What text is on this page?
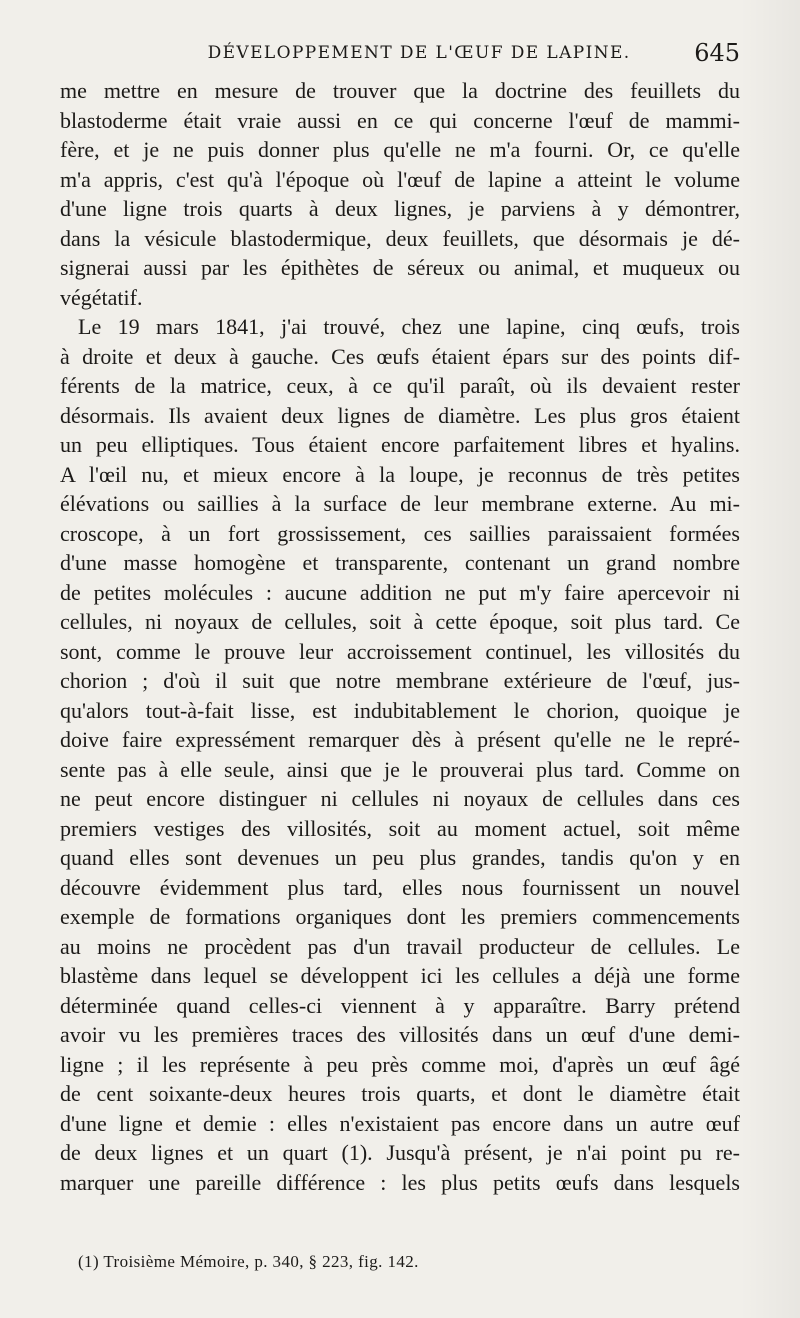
DÉVELOPPEMENT DE L'ŒUF DE LAPINE.	645
me mettre en mesure de trouver que la doctrine des feuillets du
blastoderme était vraie aussi en ce qui concerne l'œuf de mammi-
fère, et je ne puis donner plus qu'elle ne m'a fourni. Or, ce qu'elle
m'a appris, c'est qu'à l'époque où l'œuf de lapine a atteint le volume
d'une ligne trois quarts à deux lignes, je parviens à y démontrer,
dans la vésicule blastodermique, deux feuillets, que désormais je dé-
signerai aussi par les épithètes de séreux ou animal, et muqueux ou
végétatif.
Le 19 mars 1841, j'ai trouvé, chez une lapine, cinq œufs, trois
à droite et deux à gauche. Ces œufs étaient épars sur des points dif-
férents de la matrice, ceux, à ce qu'il paraît, où ils devaient rester
désormais. Ils avaient deux lignes de diamètre. Les plus gros étaient
un peu elliptiques. Tous étaient encore parfaitement libres et hyalins.
A l'œil nu, et mieux encore à la loupe, je reconnus de très petites
élévations ou saillies à la surface de leur membrane externe. Au mi-
croscope, à un fort grossissement, ces saillies paraissaient formées
d'une masse homogène et transparente, contenant un grand nombre
de petites molécules : aucune addition ne put m'y faire apercevoir ni
cellules, ni noyaux de cellules, soit à cette époque, soit plus tard. Ce
sont, comme le prouve leur accroissement continuel, les villosités du
chorion ; d'où il suit que notre membrane extérieure de l'œuf, jus-
qu'alors tout-à-fait lisse, est indubitablement le chorion, quoique je
doive faire expressément remarquer dès à présent qu'elle ne le repré-
sente pas à elle seule, ainsi que je le prouverai plus tard. Comme on
ne peut encore distinguer ni cellules ni noyaux de cellules dans ces
premiers vestiges des villosités, soit au moment actuel, soit même
quand elles sont devenues un peu plus grandes, tandis qu'on y en
découvre évidemment plus tard, elles nous fournissent un nouvel
exemple de formations organiques dont les premiers commencements
au moins ne procèdent pas d'un travail producteur de cellules. Le
blastème dans lequel se développent ici les cellules a déjà une forme
déterminée quand celles-ci viennent à y apparaître. Barry prétend
avoir vu les premières traces des villosités dans un œuf d'une demi-
ligne ; il les représente à peu près comme moi, d'après un œuf âgé
de cent soixante-deux heures trois quarts, et dont le diamètre était
d'une ligne et demie : elles n'existaient pas encore dans un autre œuf
de deux lignes et un quart (1). Jusqu'à présent, je n'ai point pu re-
marquer une pareille différence : les plus petits œufs dans lesquels
(1) Troisième Mémoire, p. 340, § 223, fig. 142.
